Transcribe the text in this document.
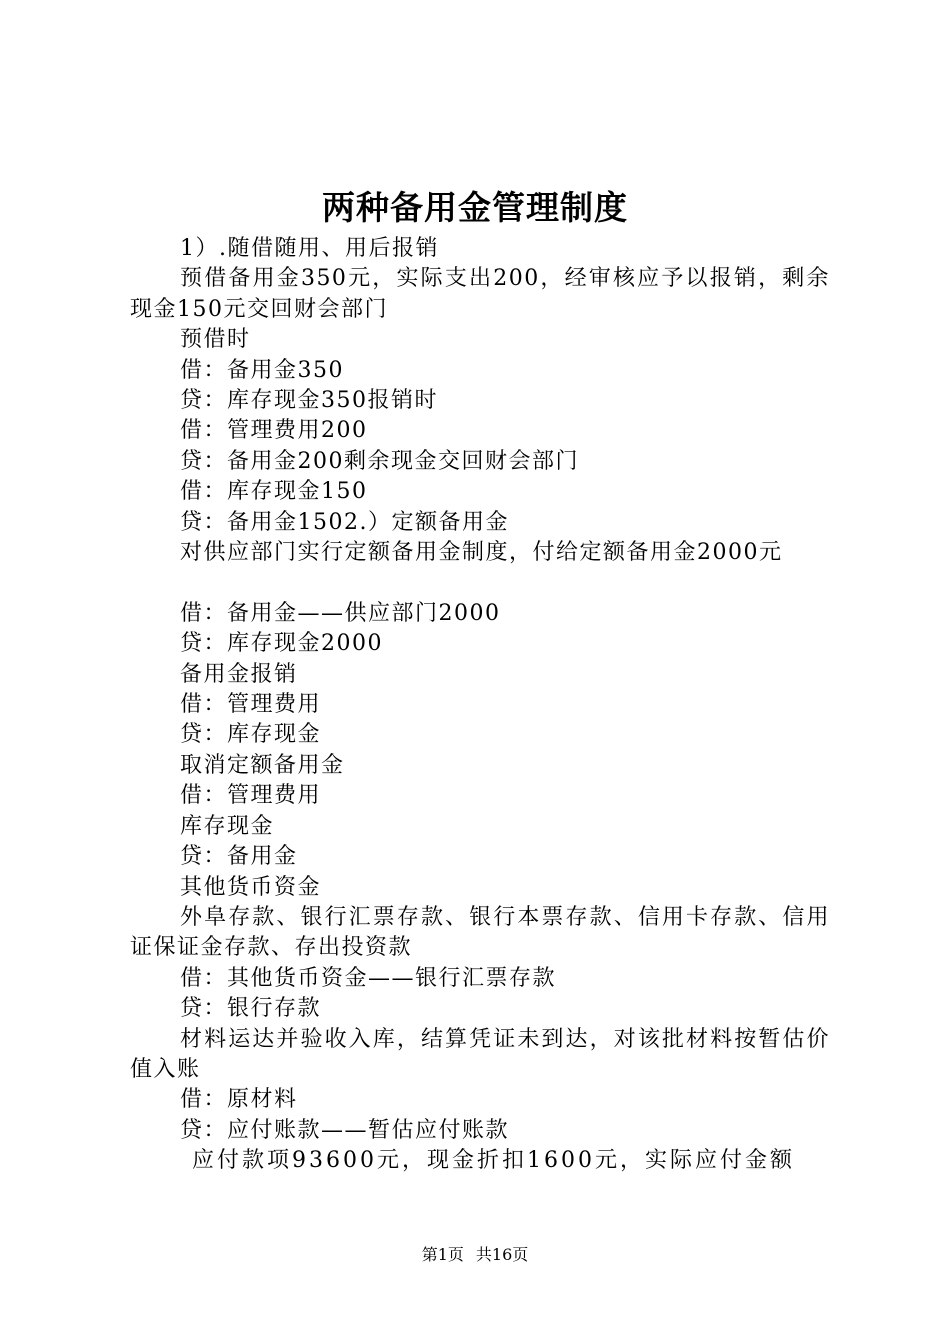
两种备用金管理制度

1）.随借随用、用后报销

预借备用金350元，实际支出200，经审核应予以报销，剩余现金150元交回财会部门

预借时

借：备用金350

贷：库存现金350报销时

借：管理费用200

贷：备用金200剩余现金交回财会部门

借：库存现金150

贷：备用金1502.）定额备用金

对供应部门实行定额备用金制度，付给定额备用金2000元

借：备用金——供应部门2000

贷：库存现金2000

备用金报销

借：管理费用

贷：库存现金

取消定额备用金

借：管理费用

库存现金

贷：备用金

其他货币资金

外阜存款、银行汇票存款、银行本票存款、信用卡存款、信用证保证金存款、存出投资款

借：其他货币资金——银行汇票存款

贷：银行存款

材料运达并验收入库，结算凭证未到达，对该批材料按暂估价值入账

借：原材料

贷：应付账款——暂估应付账款

应付款项93600元，现金折扣1600元，实际应付金额

第1页 共16页
